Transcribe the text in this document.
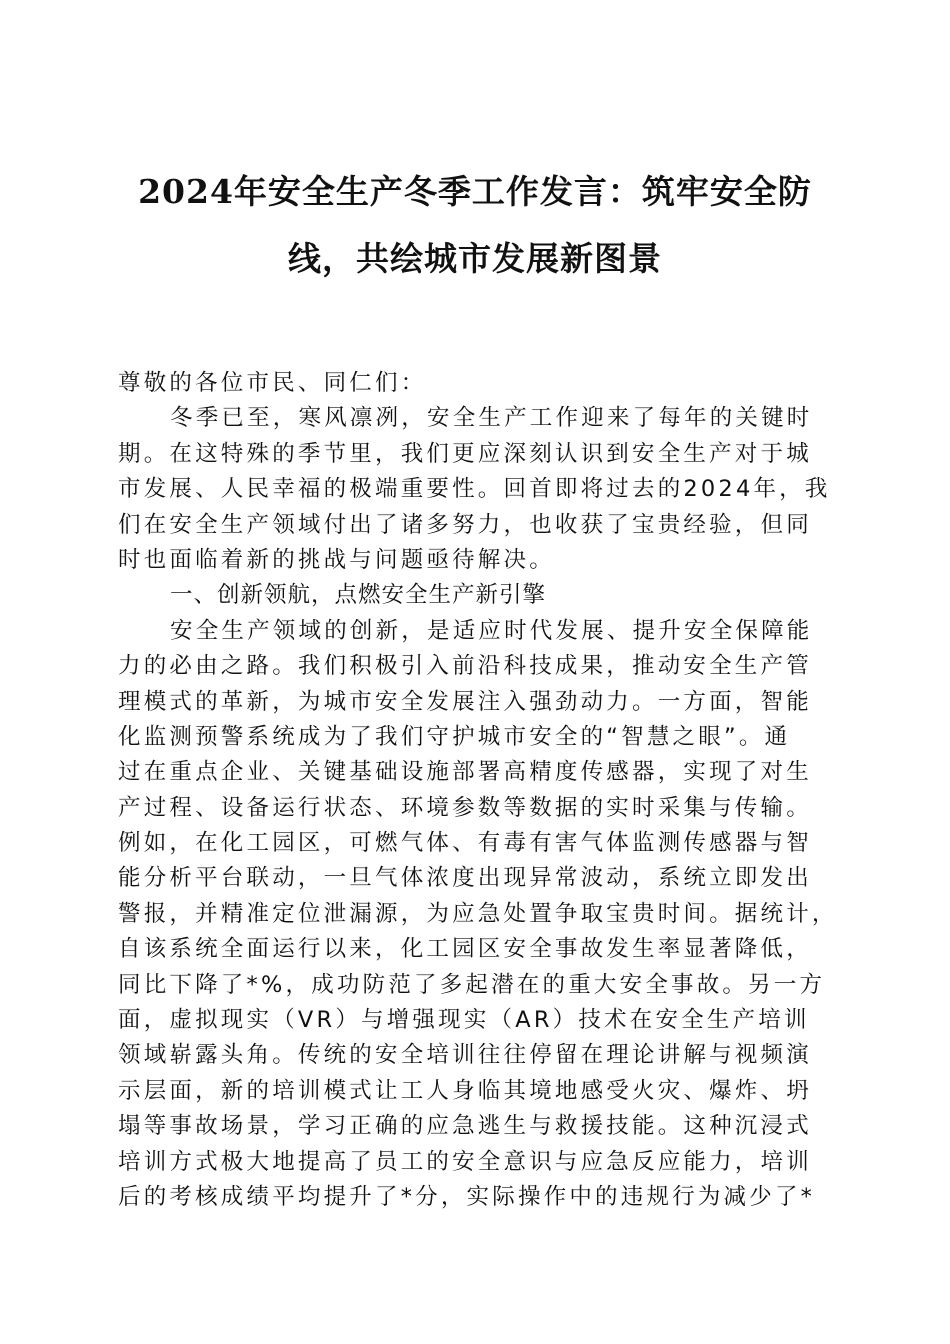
2024年安全生产冬季工作发言：筑牢安全防
线，共绘城市发展新图景
尊敬的各位市民、同仁们：
冬季已至，寒风凛冽，安全生产工作迎来了每年的关键时
期。在这特殊的季节里，我们更应深刻认识到安全生产对于城
市发展、人民幸福的极端重要性。回首即将过去的2024年，我
们在安全生产领域付出了诸多努力，也收获了宝贵经验，但同
时也面临着新的挑战与问题亟待解决。
一、创新领航，点燃安全生产新引擎
安全生产领域的创新，是适应时代发展、提升安全保障能
力的必由之路。我们积极引入前沿科技成果，推动安全生产管
理模式的革新，为城市安全发展注入强劲动力。一方面，智能
化监测预警系统成为了我们守护城市安全的“智慧之眼”。通
过在重点企业、关键基础设施部署高精度传感器，实现了对生
产过程、设备运行状态、环境参数等数据的实时采集与传输。
例如，在化工园区，可燃气体、有毒有害气体监测传感器与智
能分析平台联动，一旦气体浓度出现异常波动，系统立即发出
警报，并精准定位泄漏源，为应急处置争取宝贵时间。据统计，
自该系统全面运行以来，化工园区安全事故发生率显著降低，
同比下降了*%，成功防范了多起潜在的重大安全事故。另一方
面，虚拟现实（VR）与增强现实（AR）技术在安全生产培训
领域崭露头角。传统的安全培训往往停留在理论讲解与视频演
示层面，新的培训模式让工人身临其境地感受火灾、爆炸、坍
塌等事故场景，学习正确的应急逃生与救援技能。这种沉浸式
培训方式极大地提高了员工的安全意识与应急反应能力，培训
后的考核成绩平均提升了*分，实际操作中的违规行为减少了*
